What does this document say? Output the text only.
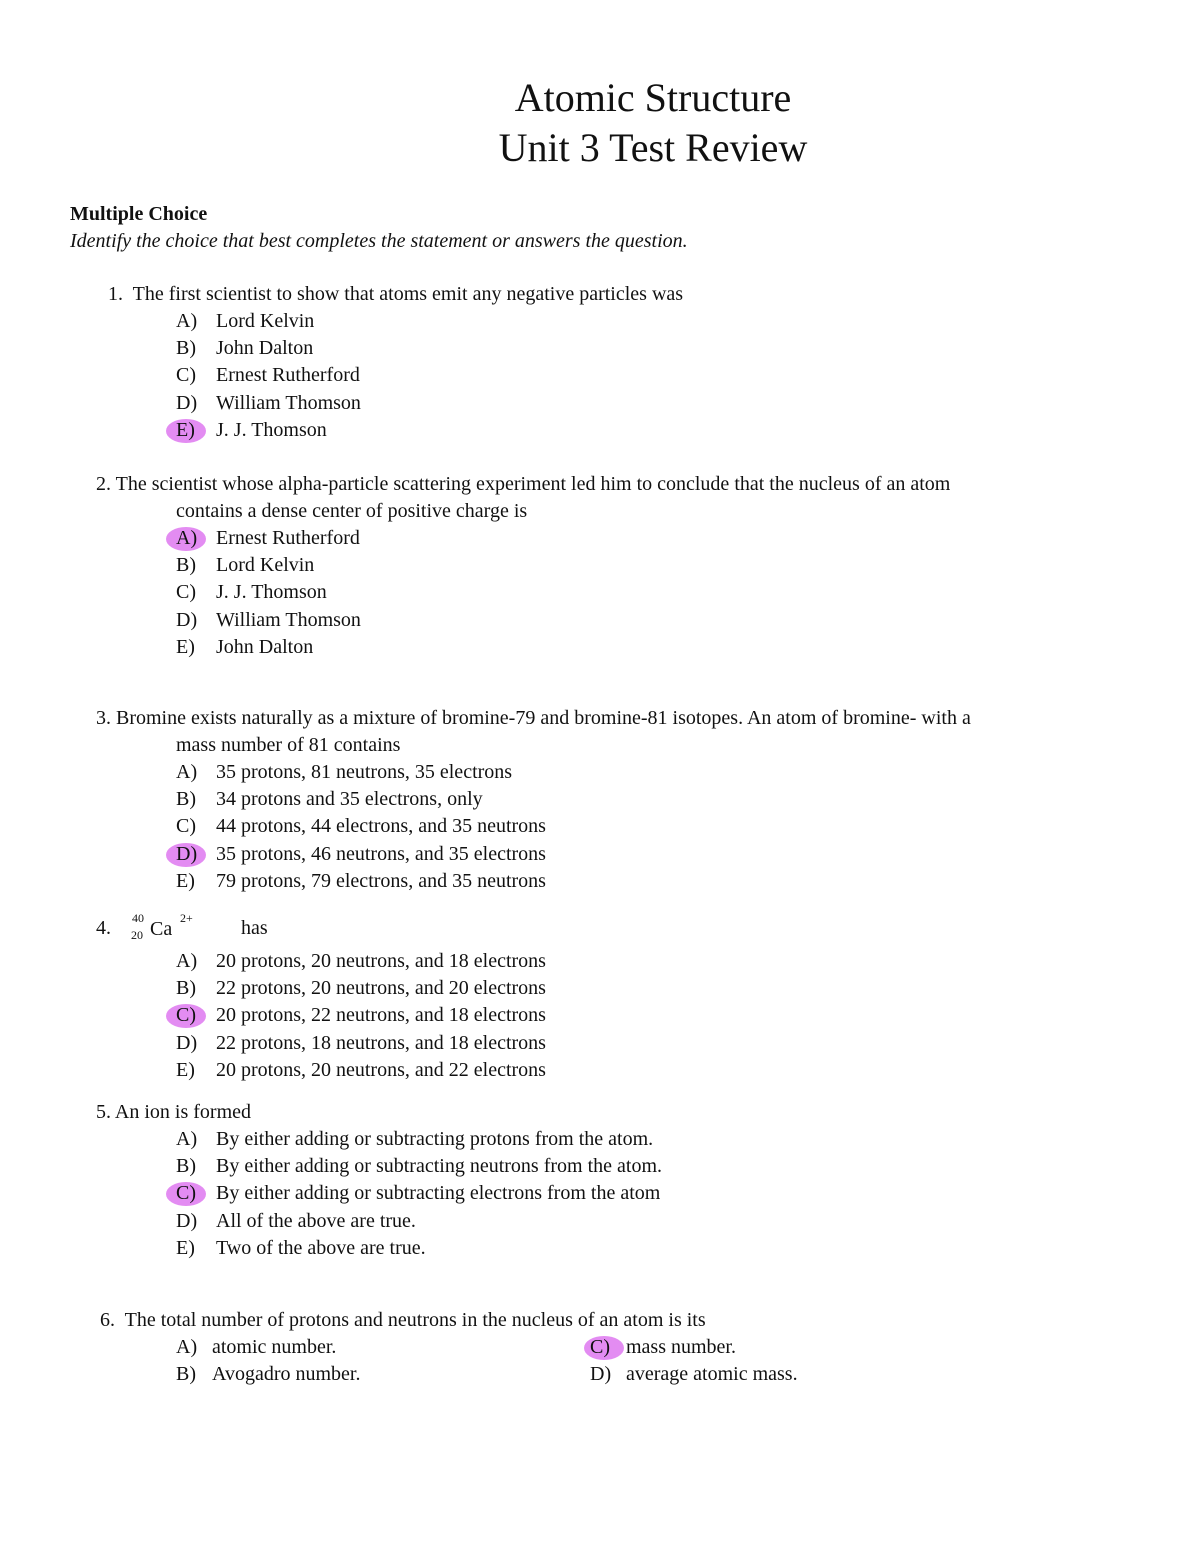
Atomic Structure
Unit 3 Test Review
Multiple Choice
Identify the choice that best completes the statement or answers the question.
1. The first scientist to show that atoms emit any negative particles was
A) Lord Kelvin
B) John Dalton
C) Ernest Rutherford
D) William Thomson
E) J. J. Thomson
2. The scientist whose alpha-particle scattering experiment led him to conclude that the nucleus of an atom
contains a dense center of positive charge is
A) Ernest Rutherford
B) Lord Kelvin
C) J. J. Thomson
D) William Thomson
E) John Dalton
3. Bromine exists naturally as a mixture of bromine-79 and bromine-81 isotopes. An atom of bromine- with a
mass number of 81 contains
A) 35 protons, 81 neutrons, 35 electrons
B) 34 protons and 35 electrons, only
C) 44 protons, 44 electrons, and 35 neutrons
D) 35 protons, 46 neutrons, and 35 electrons
E) 79 protons, 79 electrons, and 35 neutrons
4. 40
20 Ca 2+ has
A) 20 protons, 20 neutrons, and 18 electrons
B) 22 protons, 20 neutrons, and 20 electrons
C) 20 protons, 22 neutrons, and 18 electrons
D) 22 protons, 18 neutrons, and 18 electrons
E) 20 protons, 20 neutrons, and 22 electrons
5. An ion is formed
A) By either adding or subtracting protons from the atom.
B) By either adding or subtracting neutrons from the atom.
C) By either adding or subtracting electrons from the atom
D) All of the above are true.
E) Two of the above are true.
6. The total number of protons and neutrons in the nucleus of an atom is its
A) atomic number.
B) Avogadro number.
C) mass number.
D) average atomic mass.
